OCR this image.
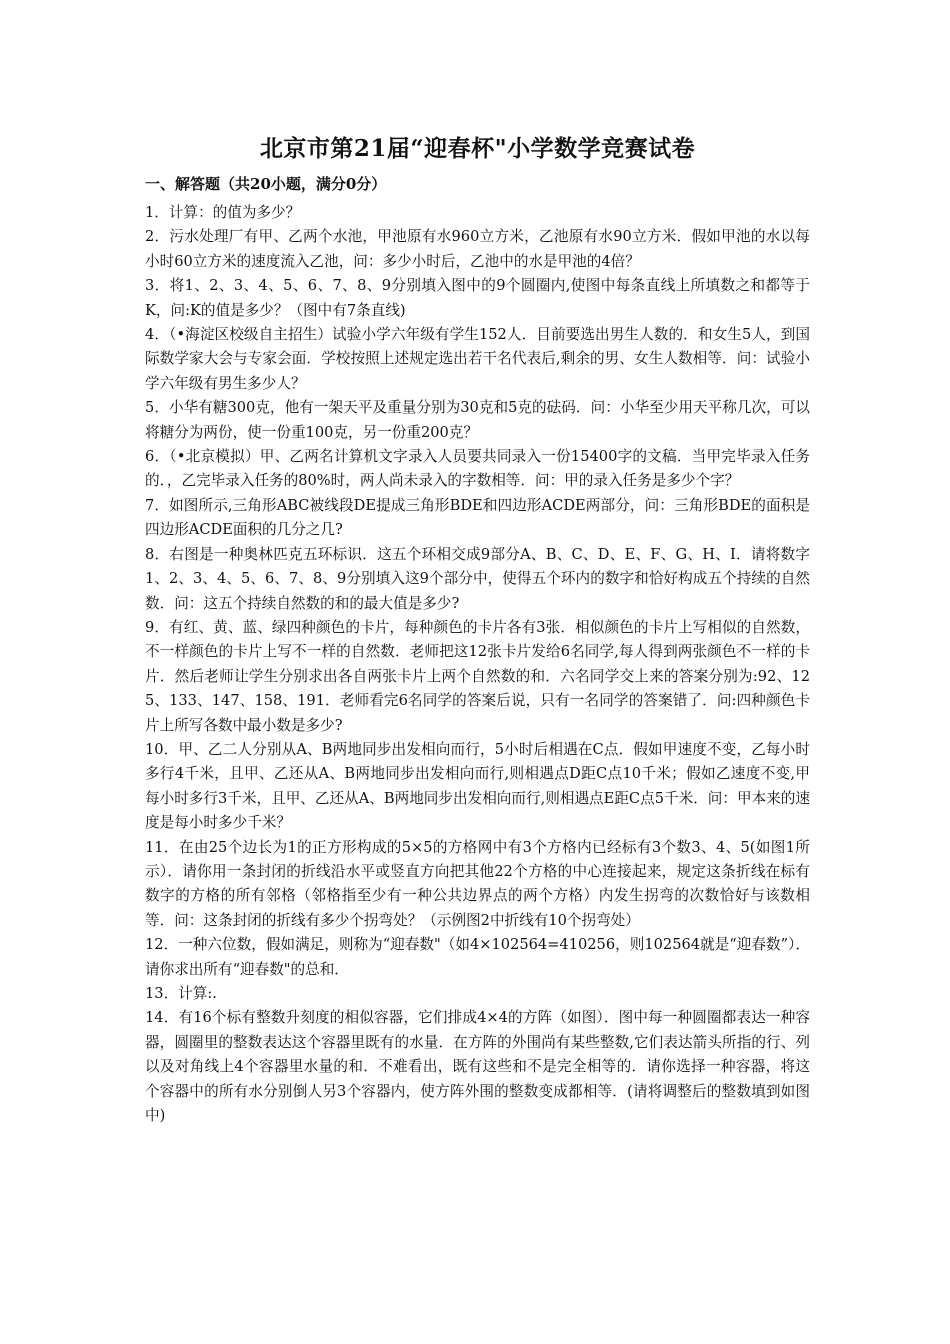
北京市第21届“迎春杯"小学数学竞赛试卷
一、解答题（共20小题，满分0分）

1．计算：的值为多少？

2．污水处理厂有甲、乙两个水池，甲池原有水960立方米，乙池原有水90立方米．假如甲池的水以每小时60立方米的速度流入乙池，问：多少小时后，乙池中的水是甲池的4倍？

3．将1、2、3、4、5、6、7、8、9分别填入图中的9个圆圈内,使图中每条直线上所填数之和都等于K，问:K的值是多少？（图中有7条直线)

4．（•海淀区校级自主招生）试验小学六年级有学生152人．目前要选出男生人数的．和女生5人，到国际数学家大会与专家会面．学校按照上述规定选出若干名代表后,剩余的男、女生人数相等．问：试验小学六年级有男生多少人？

5．小华有糖300克，他有一架天平及重量分别为30克和5克的砝码．问：小华至少用天平称几次，可以将糖分为两份，使一份重100克，另一份重200克？

6．（•北京模拟）甲、乙两名计算机文字录入人员要共同录入一份15400字的文稿．当甲完毕录入任务的．，乙完毕录入任务的80%时，两人尚未录入的字数相等．问：甲的录入任务是多少个字？

7．如图所示,三角形ABC被线段DE提成三角形BDE和四边形ACDE两部分，问：三角形BDE的面积是四边形ACDE面积的几分之几?

8．右图是一种奥林匹克五环标识．这五个环相交成9部分A、B、C、D、E、F、G、H、I．请将数字1、2、3、4、5、6、7、8、9分别填入这9个部分中，使得五个环内的数字和恰好构成五个持续的自然数．问：这五个持续自然数的和的最大值是多少?

9．有红、黄、蓝、绿四种颜色的卡片，每种颜色的卡片各有3张．相似颜色的卡片上写相似的自然数，不一样颜色的卡片上写不一样的自然数．老师把这12张卡片发给6名同学,每人得到两张颜色不一样的卡片．然后老师让学生分别求出各自两张卡片上两个自然数的和．六名同学交上来的答案分别为:92、125、133、147、158、191．老师看完6名同学的答案后说，只有一名同学的答案错了．问:四种颜色卡片上所写各数中最小数是多少?

10．甲、乙二人分别从A、B两地同步出发相向而行，5小时后相遇在C点．假如甲速度不变，乙每小时多行4千米，且甲、乙还从A、B两地同步出发相向而行,则相遇点D距C点10千米；假如乙速度不变,甲每小时多行3千米，且甲、乙还从A、B两地同步出发相向而行,则相遇点E距C点5千米．问：甲本来的速度是每小时多少千米？

11．在由25个边长为1的正方形构成的5×5的方格网中有3个方格内已经标有3个数3、4、5(如图1所示）．请你用一条封闭的折线沿水平或竖直方向把其他22个方格的中心连接起来，规定这条折线在标有数字的方格的所有邻格（邻格指至少有一种公共边界点的两个方格）内发生拐弯的次数恰好与该数相等．问：这条封闭的折线有多少个拐弯处？（示例图2中折线有10个拐弯处）

12．一种六位数，假如满足，则称为“迎春数"（如4×102564=410256，则102564就是“迎春数”）．请你求出所有“迎春数"的总和．

13．计算:.

14．有16个标有整数升刻度的相似容器，它们排成4×4的方阵（如图）．图中每一种圆圈都表达一种容器，圆圈里的整数表达这个容器里既有的水量．在方阵的外围尚有某些整数,它们表达箭头所指的行、列以及对角线上4个容器里水量的和．不难看出，既有这些和不是完全相等的．请你选择一种容器，将这个容器中的所有水分别倒人另3个容器内，使方阵外围的整数变成都相等．(请将调整后的整数填到如图中)
